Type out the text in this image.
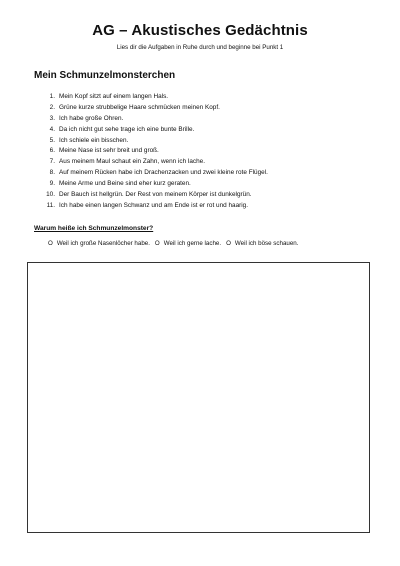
AG – Akustisches Gedächtnis
Lies dir die Aufgaben in Ruhe durch und beginne bei Punkt 1
Mein Schmunzelmonsterchen
1. Mein Kopf sitzt auf einem langen Hals.
2. Grüne kurze strubbelige Haare schmücken meinen Kopf.
3. Ich habe große Ohren.
4. Da ich nicht gut sehe trage ich eine bunte Brille.
5. Ich schiele ein bisschen.
6. Meine Nase ist sehr breit und groß.
7. Aus meinem Maul schaut ein Zahn, wenn ich lache.
8. Auf meinem Rücken habe ich Drachenzacken und zwei kleine rote Flügel.
9. Meine Arme und Beine sind eher kurz geraten.
10. Der Bauch ist hellgrün. Der Rest von meinem Körper ist dunkelgrün.
11. Ich habe einen langen Schwanz und am Ende ist er rot und haarig.
Warum heiße ich Schmunzelmonster?
O Weil ich große Nasenlöcher habe. O Weil ich gerne lache. O Weil ich böse schauen.
